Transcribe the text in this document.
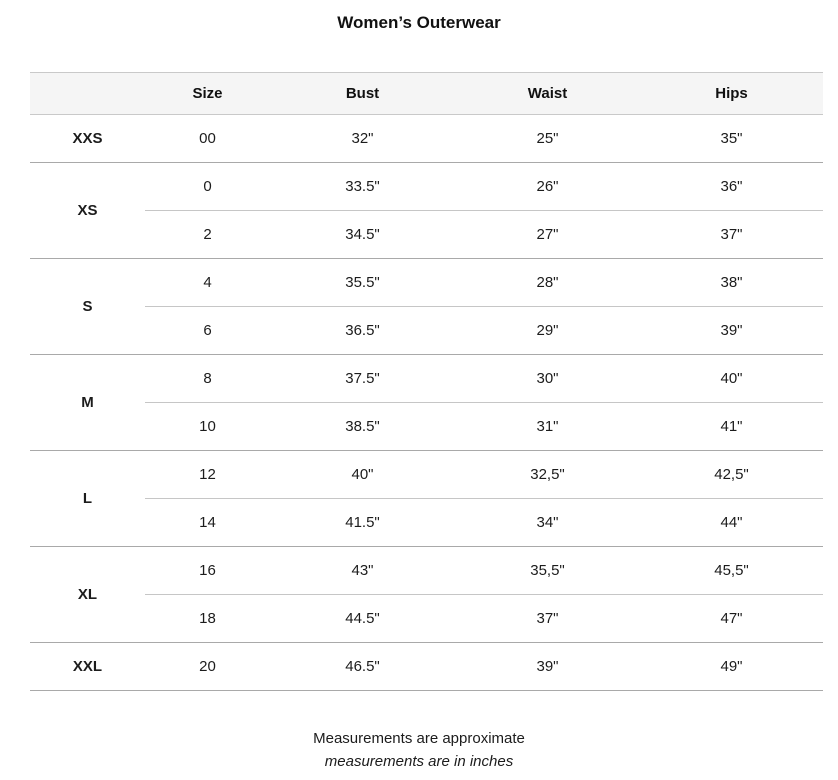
Women’s Outerwear
	Size	Bust	Waist	Hips
XXS	00	32"	25"	35"
XS	0	33.5"	26"	36"
	2	34.5"	27"	37"
S	4	35.5"	28"	38"
	6	36.5"	29"	39"
M	8	37.5"	30"	40"
	10	38.5"	31"	41"
L	12	40"	32,5"	42,5"
	14	41.5"	34"	44"
XL	16	43"	35,5"	45,5"
	18	44.5"	37"	47"
XXL	20	46.5"	39"	49"
Measurements are approximate
measurements are in inches
